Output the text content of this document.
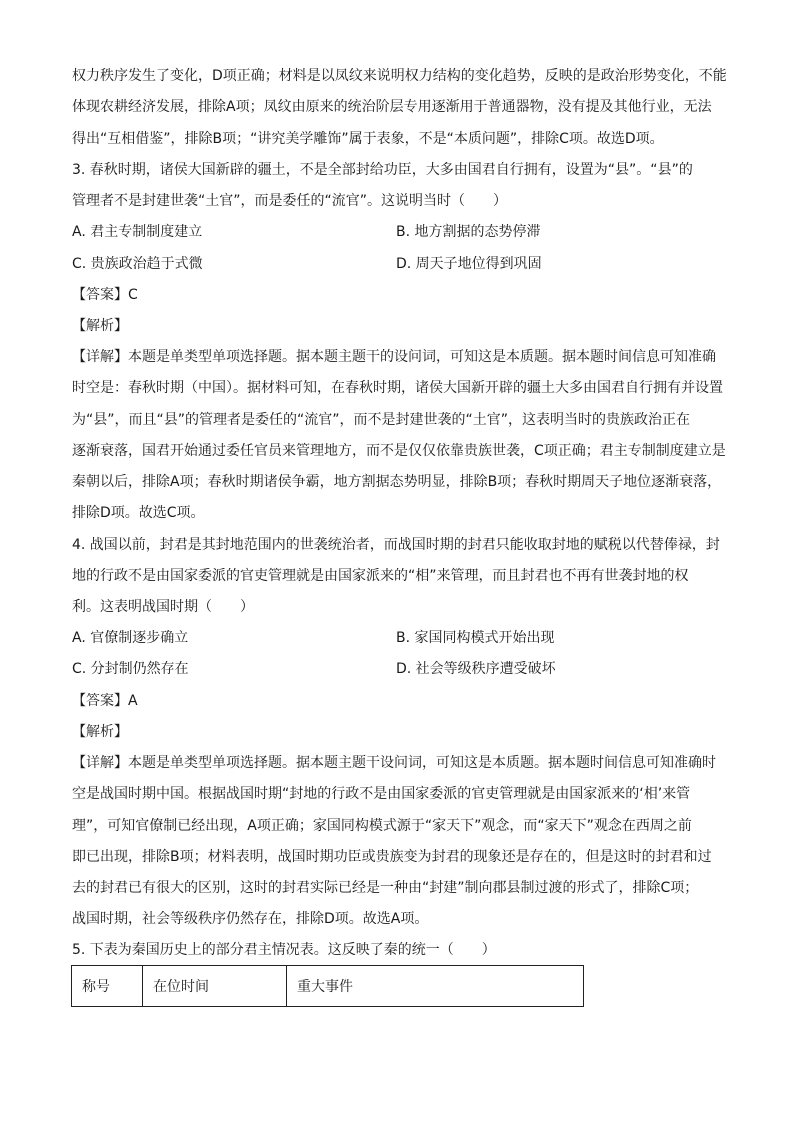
权力秩序发生了变化，D项正确；材料是以凤纹来说明权力结构的变化趋势，反映的是政治形势变化，不能
体现农耕经济发展，排除A项；凤纹由原来的统治阶层专用逐渐用于普通器物，没有提及其他行业，无法
得出“互相借鉴”，排除B项；“讲究美学雕饰”属于表象，不是“本质问题”，排除C项。故选D项。
3. 春秋时期，诸侯大国新辟的疆土，不是全部封给功臣，大多由国君自行拥有，设置为“县”。“县”的
管理者不是封建世袭“土官”，而是委任的“流官”。这说明当时（　　）
A. 君主专制制度建立	B. 地方割据的态势停滞
C. 贵族政治趋于式微	D. 周天子地位得到巩固
【答案】C
【解析】
【详解】本题是单类型单项选择题。据本题主题干的设问词，可知这是本质题。据本题时间信息可知准确
时空是：春秋时期（中国）。据材料可知，在春秋时期，诸侯大国新开辟的疆土大多由国君自行拥有并设置
为“县”，而且“县”的管理者是委任的“流官”，而不是封建世袭的“土官”，这表明当时的贵族政治正在
逐渐衰落，国君开始通过委任官员来管理地方，而不是仅仅依靠贵族世袭，C项正确；君主专制制度建立是
秦朝以后，排除A项；春秋时期诸侯争霸，地方割据态势明显，排除B项；春秋时期周天子地位逐渐衰落，
排除D项。故选C项。
4. 战国以前，封君是其封地范围内的世袭统治者，而战国时期的封君只能收取封地的赋税以代替俸禄，封
地的行政不是由国家委派的官吏管理就是由国家派来的“相”来管理，而且封君也不再有世袭封地的权
利。这表明战国时期（　　）
A. 官僚制逐步确立	B. 家国同构模式开始出现
C. 分封制仍然存在	D. 社会等级秩序遭受破坏
【答案】A
【解析】
【详解】本题是单类型单项选择题。据本题主题干设问词，可知这是本质题。据本题时间信息可知准确时
空是战国时期中国。根据战国时期“封地的行政不是由国家委派的官吏管理就是由国家派来的‘相’来管
理”，可知官僚制已经出现，A项正确；家国同构模式源于“家天下”观念，而“家天下”观念在西周之前
即已出现，排除B项；材料表明，战国时期功臣或贵族变为封君的现象还是存在的，但是这时的封君和过
去的封君已有很大的区别，这时的封君实际已经是一种由“封建”制向郡县制过渡的形式了，排除C项；
战国时期，社会等级秩序仍然存在，排除D项。故选A项。
5. 下表为秦国历史上的部分君主情况表。这反映了秦的统一（　　）
称号	在位时间	重大事件
